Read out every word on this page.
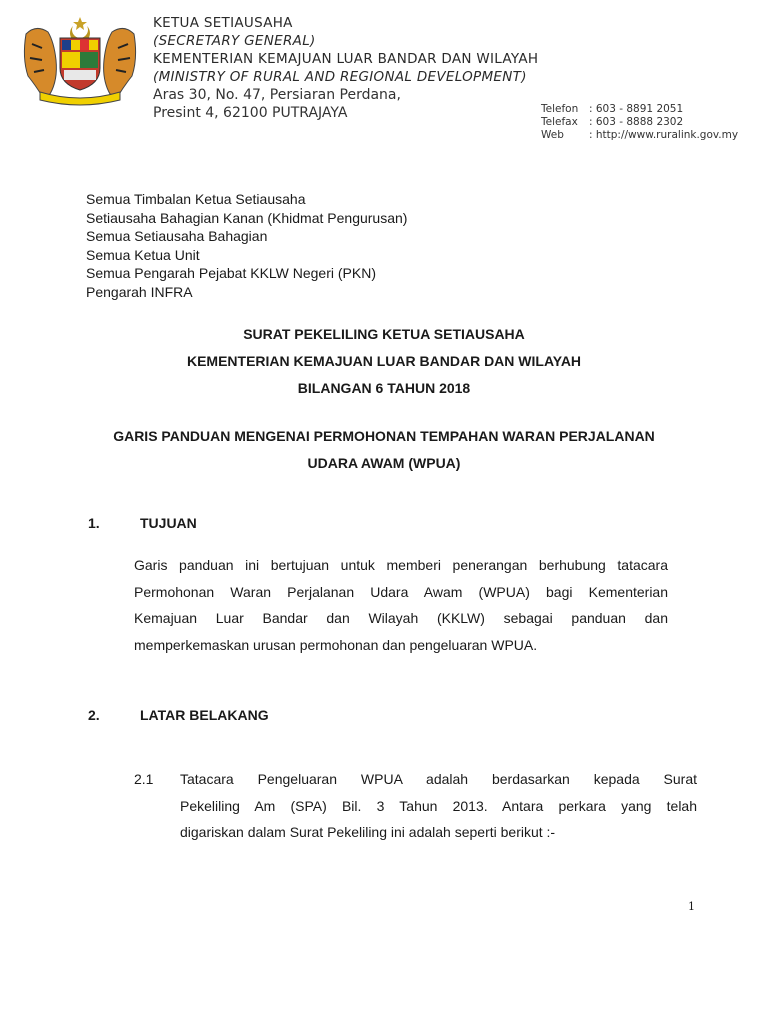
KETUA SETIAUSAHA
(SECRETARY GENERAL)
KEMENTERIAN KEMAJUAN LUAR BANDAR DAN WILAYAH
(MINISTRY OF RURAL AND REGIONAL DEVELOPMENT)
Aras 30, No. 47, Persiaran Perdana,
Presint 4, 62100 PUTRAJAYA	Telefon : 603 - 8891 2051
Telefax : 603 - 8888 2302
Web : http://www.ruralink.gov.my
Semua Timbalan Ketua Setiausaha
Setiausaha Bahagian Kanan (Khidmat Pengurusan)
Semua Setiausaha Bahagian
Semua Ketua Unit
Semua Pengarah Pejabat KKLW Negeri (PKN)
Pengarah INFRA
SURAT PEKELILING KETUA SETIAUSAHA
KEMENTERIAN KEMAJUAN LUAR BANDAR DAN WILAYAH
BILANGAN 6 TAHUN 2018
GARIS PANDUAN MENGENAI PERMOHONAN TEMPAHAN WARAN PERJALANAN
UDARA AWAM (WPUA)
1.	TUJUAN
Garis panduan ini bertujuan untuk memberi penerangan berhubung tatacara
Permohonan Waran Perjalanan Udara Awam (WPUA) bagi Kementerian
Kemajuan Luar Bandar dan Wilayah (KKLW) sebagai panduan dan
memperkemaskan urusan permohonan dan pengeluaran WPUA.
2.	LATAR BELAKANG
2.1 Tatacara Pengeluaran WPUA adalah berdasarkan kepada Surat
Pekeliling Am (SPA) Bil. 3 Tahun 2013. Antara perkara yang telah
digariskan dalam Surat Pekeliling ini adalah seperti berikut :-
1
